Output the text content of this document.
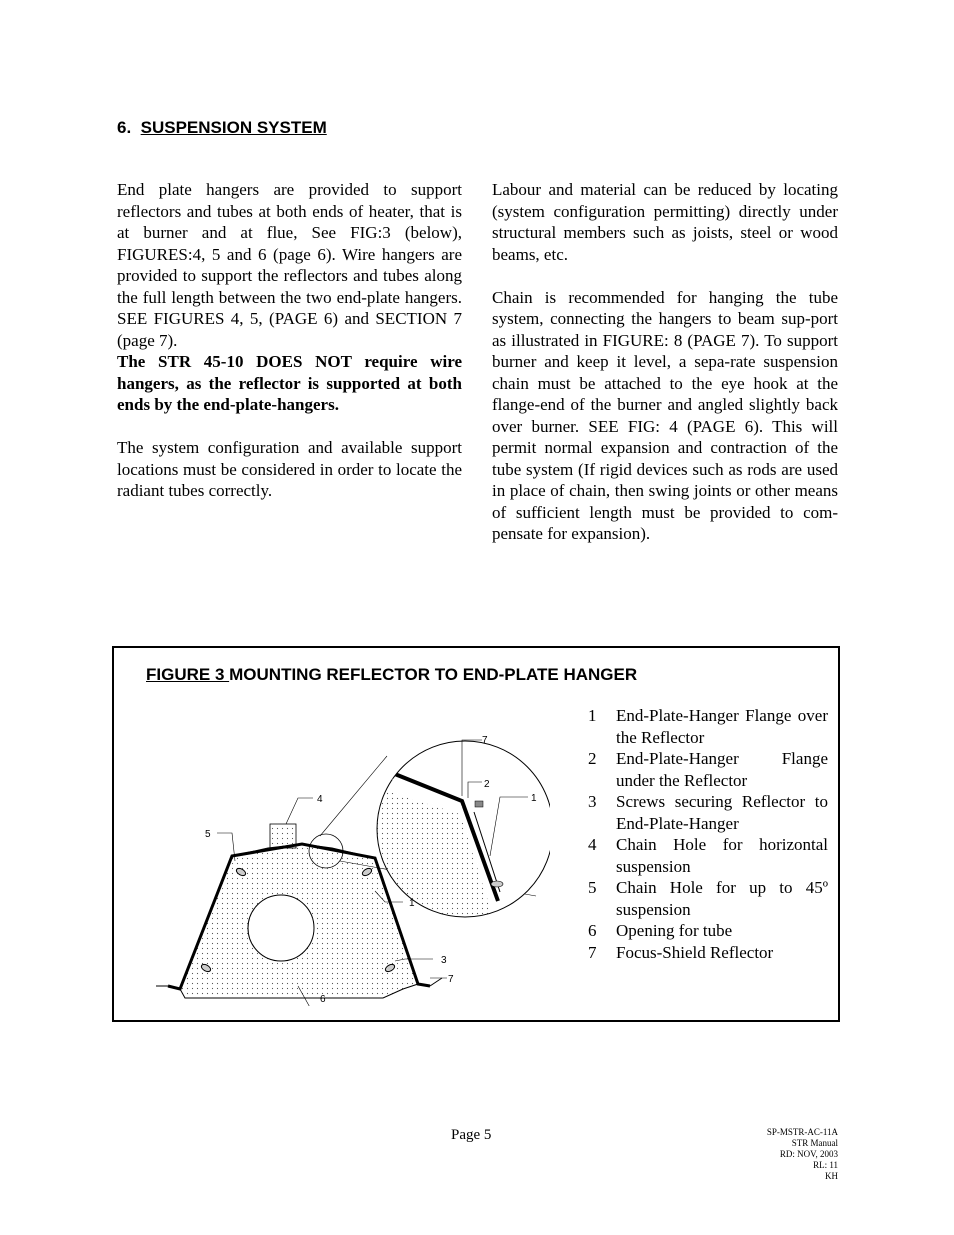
6. SUSPENSION SYSTEM

End plate hangers are provided to support reflectors and tubes at both ends of heater, that is at burner and at flue, See FIG:3 (below), FIGURES:4, 5 and 6 (page 6). Wire hangers are provided to support the reflectors and tubes along the full length between the two end-plate hangers. SEE FIGURES 4, 5, (PAGE 6) and SECTION 7 (page 7).

The STR 45-10 DOES NOT require wire hangers, as the reflector is supported at both ends by the end-plate-hangers.

The system configuration and available support locations must be considered in order to locate the radiant tubes correctly.

Labour and material can be reduced by locating (system configuration permitting) directly under structural members such as joists, steel or wood beams, etc.

Chain is recommended for hanging the tube system, connecting the hangers to beam sup-port as illustrated in FIGURE: 8 (PAGE 7). To support burner and keep it level, a sepa-rate suspension chain must be attached to the eye hook at the flange-end of the burner and angled slightly back over burner. SEE FIG: 4 (PAGE 6). This will permit normal expansion and contraction of the tube system (If rigid devices such as rods are used in place of chain, then swing joints or other means of sufficient length must be provided to com-pensate for expansion).

FIGURE 3 MOUNTING REFLECTOR TO END-PLATE HANGER
7
2
1
4
5
1
3
7
6
1	End-Plate-Hanger Flange over the Reflector
2	End-Plate-Hanger Flange under the Reflector
3	Screws securing Reflector to End-Plate-Hanger
4	Chain Hole for horizontal suspension
5	Chain Hole for up to 45º suspension
6	Opening for tube
7	Focus-Shield Reflector
Page 5	SP-MSTR-AC-11A
STR Manual
RD: NOV, 2003
RL: 11
KH
